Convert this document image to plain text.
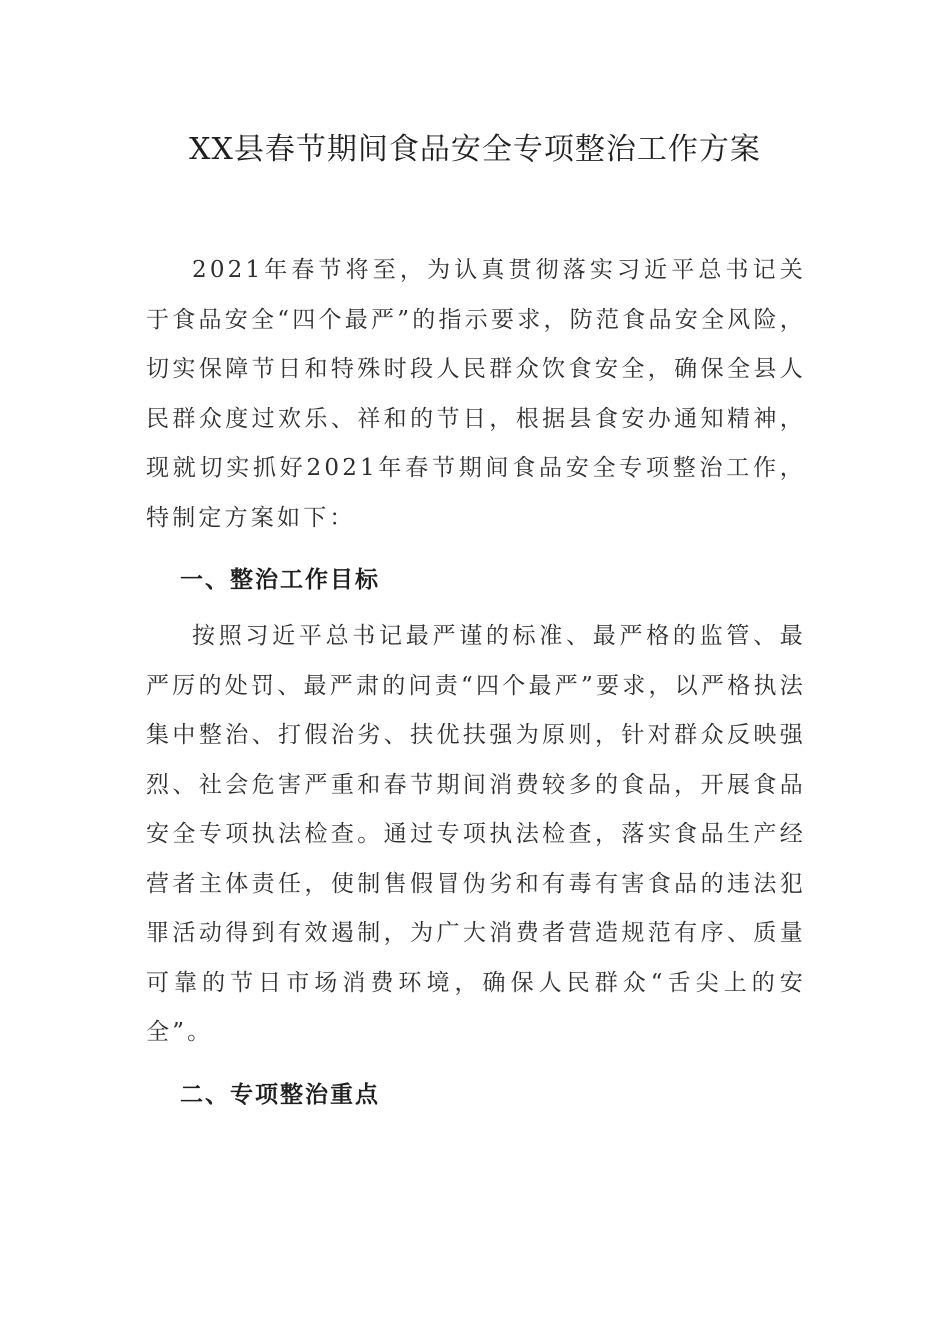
XX县春节期间食品安全专项整治工作方案

2021年春节将至，为认真贯彻落实习近平总书记关于食品安全“四个最严”的指示要求，防范食品安全风险，切实保障节日和特殊时段人民群众饮食安全，确保全县人民群众度过欢乐、祥和的节日，根据县食安办通知精神，现就切实抓好2021年春节期间食品安全专项整治工作，特制定方案如下：

一、整治工作目标

按照习近平总书记最严谨的标准、最严格的监管、最严厉的处罚、最严肃的问责“四个最严”要求，以严格执法集中整治、打假治劣、扶优扶强为原则，针对群众反映强烈、社会危害严重和春节期间消费较多的食品，开展食品安全专项执法检查。通过专项执法检查，落实食品生产经营者主体责任，使制售假冒伪劣和有毒有害食品的违法犯罪活动得到有效遏制，为广大消费者营造规范有序、质量可靠的节日市场消费环境，确保人民群众“舌尖上的安全”。

二、专项整治重点
